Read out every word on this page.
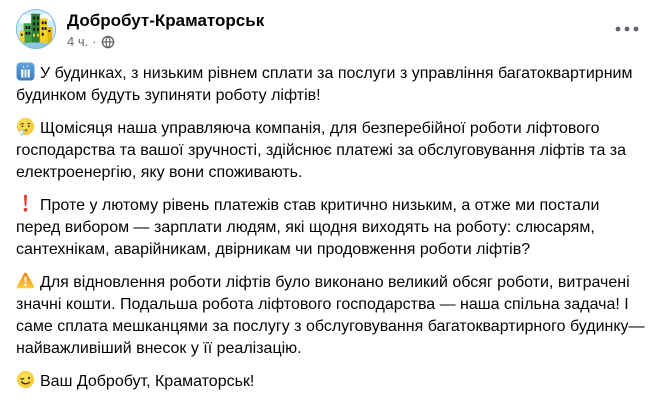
Добробут-Краматорськ
4 ч. ·
У будинках, з низьким рівнем сплати за послуги з управління багатоквартирним будинком будуть зупиняти роботу ліфтів!
Щомісяця наша управляюча компанія, для безперебійної роботи ліфтового господарства та вашої зручності, здійснює платежі за обслуговування ліфтів та за електроенергію, яку вони споживають.
Проте у лютому рівень платежів став критично низьким, а отже ми постали перед вибором — зарплати людям, які щодня виходять на роботу: слюсарям, сантехнікам, аварійникам, двірникам чи продовження роботи ліфтів?
Для відновлення роботи ліфтів було виконано великий обсяг роботи, витрачені значні кошти. Подальша робота ліфтового господарства — наша спільна задача! І саме сплата мешканцями за послугу з обслуговування багатоквартирного будинку— найважливіший внесок у її реалізацію.
Ваш Добробут, Краматорськ!
